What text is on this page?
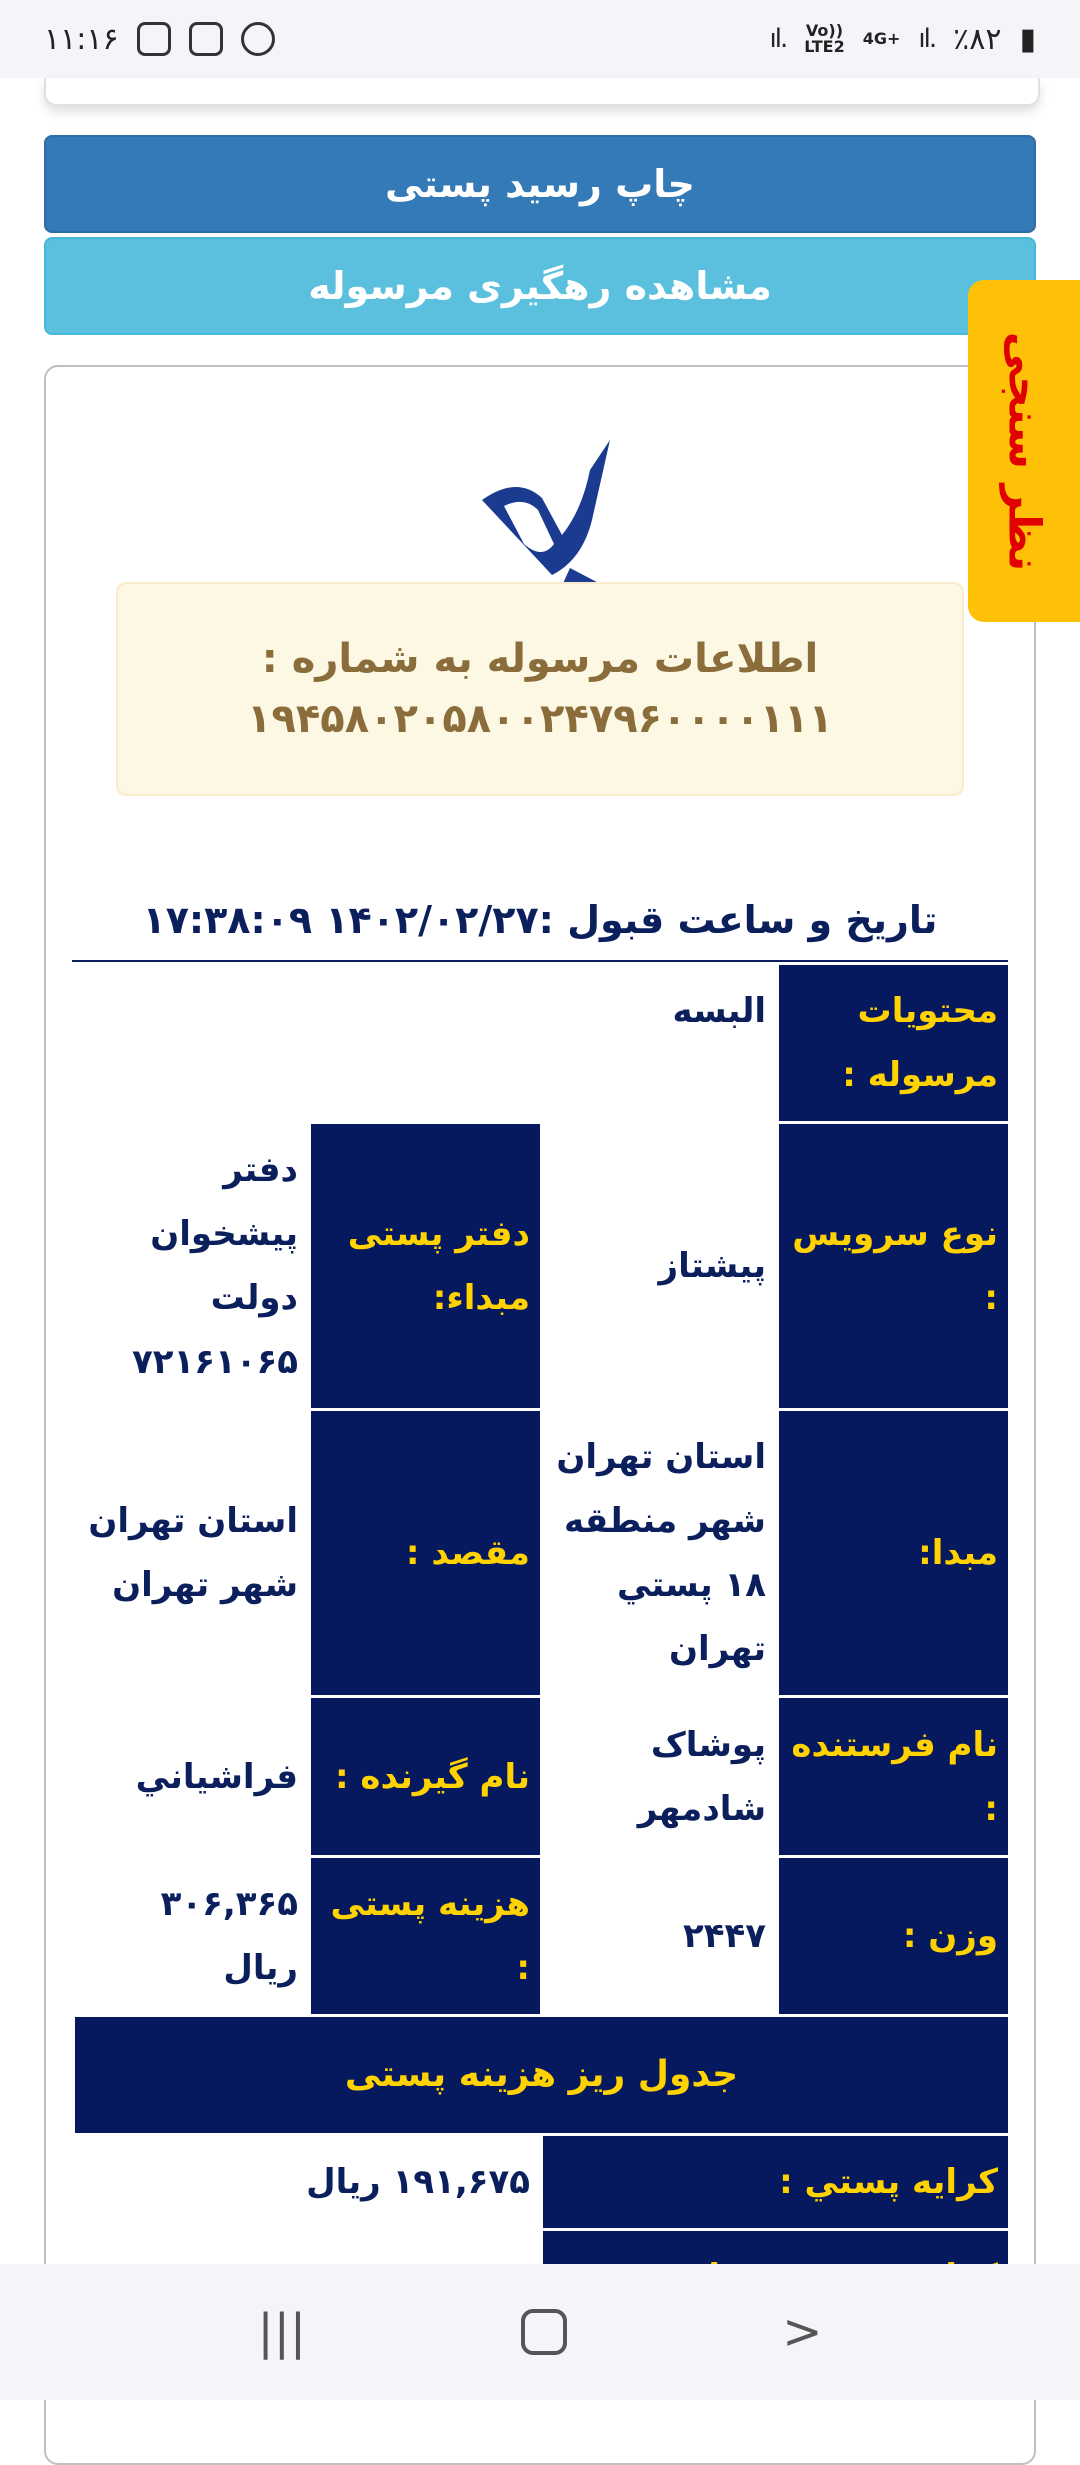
۱۱:۱۶	ıl. Vo))
LTE2 4G+ ıl. ٪۸۲ ▮
چاپ رسید پستی
مشاهده رهگیری مرسوله
اطلاعات مرسوله به شماره :
۱۹۴۵۸۰۲۰۵۸۰۰۲۴۷۹۶۰۰۰۰۱۱۱
تاریخ و ساعت قبول :۱۴۰۲/۰۲/۲۷ ۱۷:۳۸:۰۹
محتویات مرسوله :	البسه		
نوع سرویس :	پیشتاز	دفتر پستی مبداء:	دفتر پیشخوان دولت ۷۲۱۶۱۰۶۵
مبدا:	استان تهران شهر منطقه ۱۸ پستي تهران	مقصد :	استان تهران شهر تهران
نام فرستنده :	پوشاک شادمهر	نام گیرنده :	فراشياني
وزن :	۲۴۴۷	هزینه پستی :	۳۰۶,۳۶۵ ریال
جدول ریز هزینه پستی			
كرايه پستي :		۱۹۱,۶۷۵ ریال	

نظر سنجی
|||	>
